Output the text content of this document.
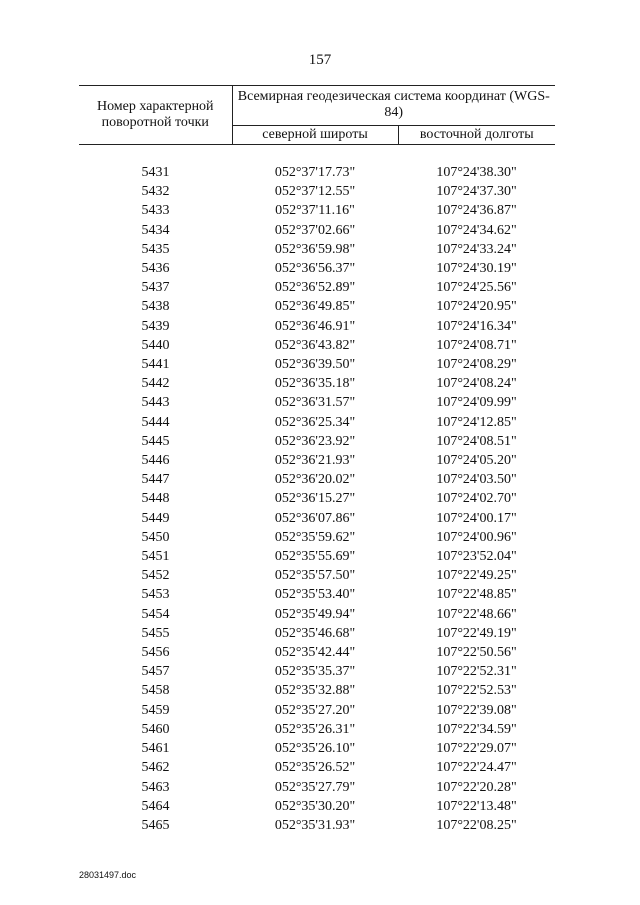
157
Номер характерной поворотной точки	Всемирная геодезическая система координат (WGS-84)	
	северной широты	восточной долготы

5431	052°37'17.73"	107°24'38.30"
5432	052°37'12.55"	107°24'37.30"
5433	052°37'11.16"	107°24'36.87"
5434	052°37'02.66"	107°24'34.62"
5435	052°36'59.98"	107°24'33.24"
5436	052°36'56.37"	107°24'30.19"
5437	052°36'52.89"	107°24'25.56"
5438	052°36'49.85"	107°24'20.95"
5439	052°36'46.91"	107°24'16.34"
5440	052°36'43.82"	107°24'08.71"
5441	052°36'39.50"	107°24'08.29"
5442	052°36'35.18"	107°24'08.24"
5443	052°36'31.57"	107°24'09.99"
5444	052°36'25.34"	107°24'12.85"
5445	052°36'23.92"	107°24'08.51"
5446	052°36'21.93"	107°24'05.20"
5447	052°36'20.02"	107°24'03.50"
5448	052°36'15.27"	107°24'02.70"
5449	052°36'07.86"	107°24'00.17"
5450	052°35'59.62"	107°24'00.96"
5451	052°35'55.69"	107°23'52.04"
5452	052°35'57.50"	107°22'49.25"
5453	052°35'53.40"	107°22'48.85"
5454	052°35'49.94"	107°22'48.66"
5455	052°35'46.68"	107°22'49.19"
5456	052°35'42.44"	107°22'50.56"
5457	052°35'35.37"	107°22'52.31"
5458	052°35'32.88"	107°22'52.53"
5459	052°35'27.20"	107°22'39.08"
5460	052°35'26.31"	107°22'34.59"
5461	052°35'26.10"	107°22'29.07"
5462	052°35'26.52"	107°22'24.47"
5463	052°35'27.79"	107°22'20.28"
5464	052°35'30.20"	107°22'13.48"
5465	052°35'31.93"	107°22'08.25"
28031497.doc
